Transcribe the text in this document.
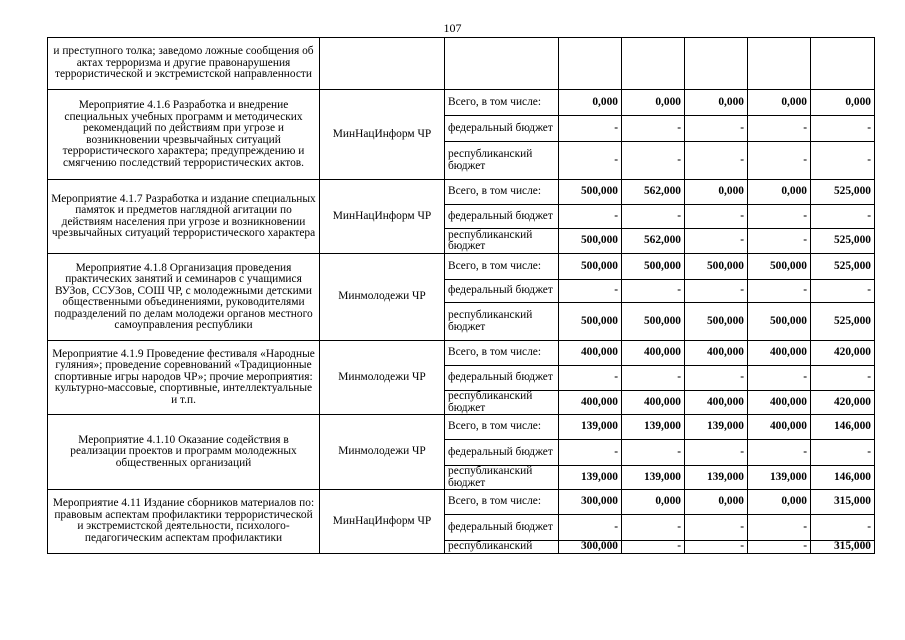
107
и преступного толка; заведомо ложные сообщения об актах терроризма и другие правонарушения террористической и экстремистской направленности							
Мероприятие 4.1.6 Разработка и внедрение специальных учебных программ и методических рекомендаций по действиям при угрозе и возникновении чрезвычайных ситуаций террористического характера; предупреждению и смягчению последствий террористических актов.	МинНацИнформ ЧР	Всего, в том числе:	0,000	0,000	0,000	0,000	0,000
		федеральный бюджет	-	-	-	-	-
		республиканский бюджет	-	-	-	-	-
Мероприятие 4.1.7 Разработка и издание специальных памяток и предметов наглядной агитации по действиям населения при угрозе и возникновении чрезвычайных ситуаций террористического характера	МинНацИнформ ЧР	Всего, в том числе:	500,000	562,000	0,000	0,000	525,000
		федеральный бюджет	-	-	-	-	-
		республиканский бюджет	500,000	562,000	-	-	525,000
Мероприятие 4.1.8 Организация проведения практических занятий и семинаров с учащимися ВУЗов, ССУЗов, СОШ ЧР, с молодежными детскими общественными объединениями, руководителями подразделений по делам молодежи органов местного самоуправления республики	Минмолодежи ЧР	Всего, в том числе:	500,000	500,000	500,000	500,000	525,000
		федеральный бюджет	-	-	-	-	-
		республиканский бюджет	500,000	500,000	500,000	500,000	525,000
Мероприятие 4.1.9 Проведение фестиваля «Народные гуляния»; проведение соревнований «Традиционные спортивные игры народов ЧР»; прочие мероприятия: культурно-массовые, спортивные, интеллектуальные и т.п.	Минмолодежи ЧР	Всего, в том числе:	400,000	400,000	400,000	400,000	420,000
		федеральный бюджет	-	-	-	-	-
		республиканский бюджет	400,000	400,000	400,000	400,000	420,000
Мероприятие 4.1.10 Оказание содействия в реализации проектов и программ молодежных общественных организаций	Минмолодежи ЧР	Всего, в том числе:	139,000	139,000	139,000	400,000	146,000
		федеральный бюджет	-	-	-	-	-
		республиканский бюджет	139,000	139,000	139,000	139,000	146,000
Мероприятие 4.11 Издание сборников материалов по: правовым аспектам профилактики террористической и экстремистской деятельности, психолого-педагогическим аспектам профилактики	МинНацИнформ ЧР	Всего, в том числе:	300,000	0,000	0,000	0,000	315,000
		федеральный бюджет	-	-	-	-	-
		республиканский	300,000	-	-	-	315,000
